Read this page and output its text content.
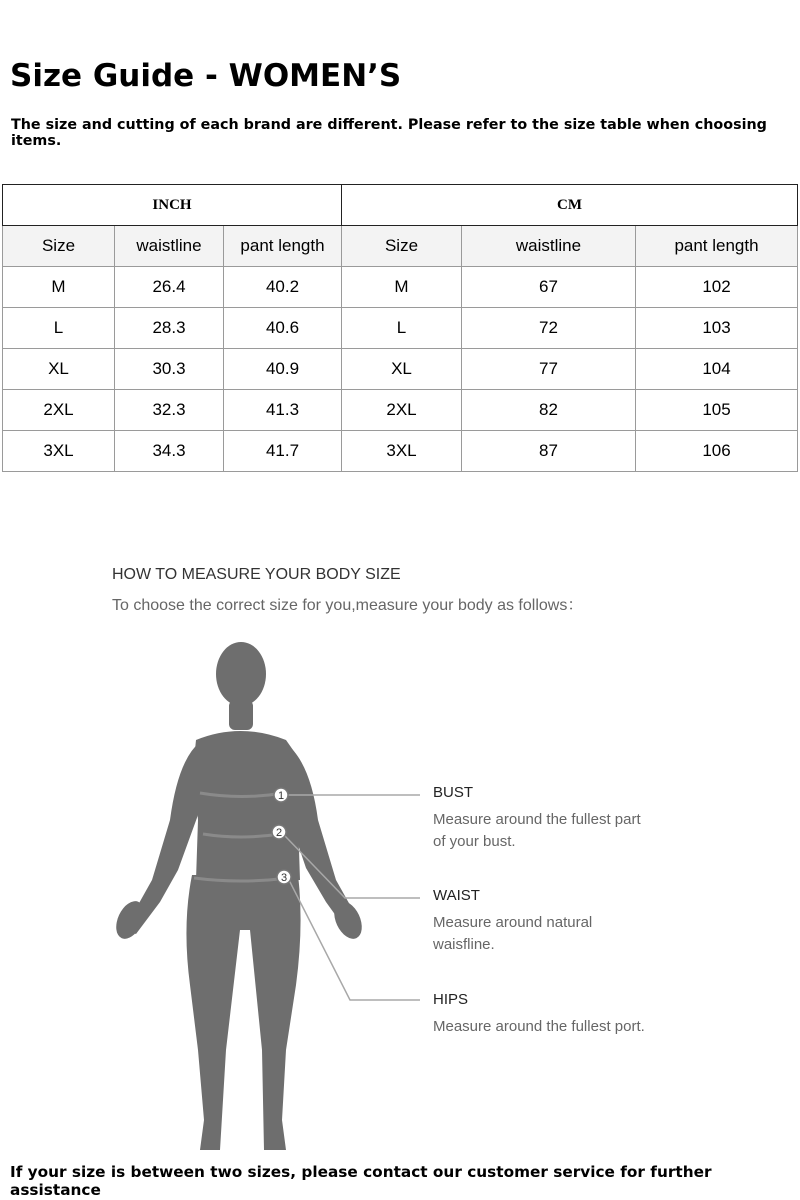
Size Guide - WOMEN’S

The size and cutting of each brand are different. Please refer to the size table when choosing items.

INCH			CM		
Size	waistline	pant length	Size	waistline	pant length
M	26.4	40.2	M	67	102
L	28.3	40.6	L	72	103
XL	30.3	40.9	XL	77	104
2XL	32.3	41.3	2XL	82	105
3XL	34.3	41.7	3XL	87	106

HOW TO MEASURE YOUR BODY SIZE

To choose the correct size for you,measure your body as follows：

1
2
3

BUST

Measure around the fullest part

of your bust.

WAIST

Measure around natural

waisfline.

HIPS

Measure around the fullest port.

If your size is between two sizes, please contact our customer service for further assistance
